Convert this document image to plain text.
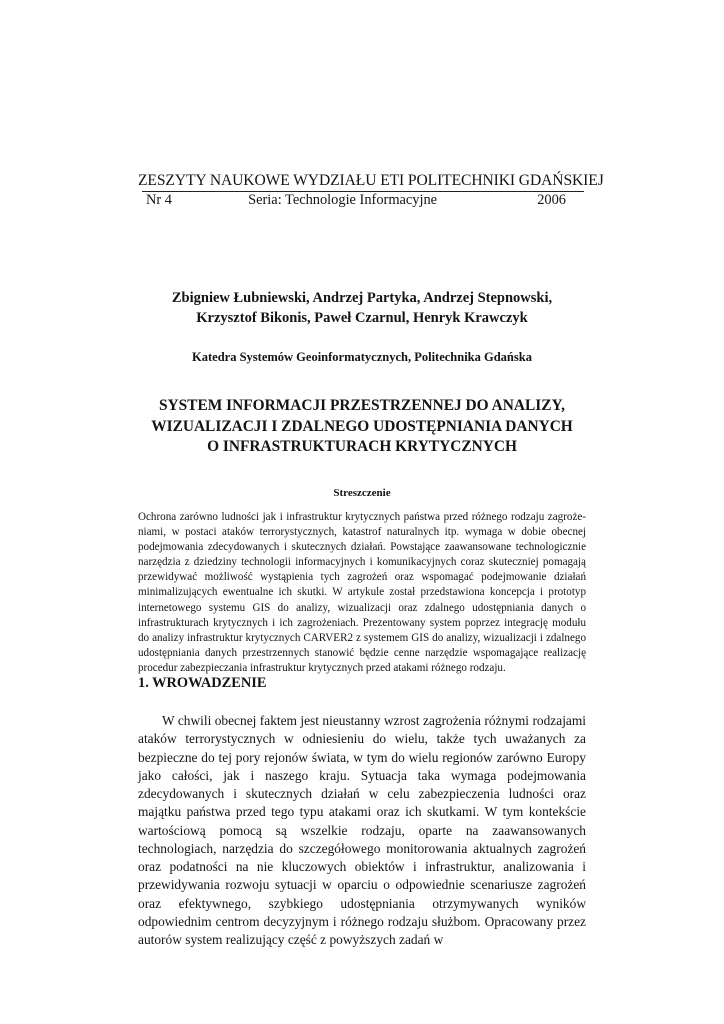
ZESZYTY NAUKOWE WYDZIAŁU ETI POLITECHNIKI GDAŃSKIEJ
Nr 4	Seria: Technologie Informacyjne	2006
Zbigniew Łubniewski, Andrzej Partyka, Andrzej Stepnowski,
Krzysztof Bikonis, Paweł Czarnul, Henryk Krawczyk
Katedra Systemów Geoinformatycznych, Politechnika Gdańska
SYSTEM INFORMACJI PRZESTRZENNEJ DO ANALIZY,
WIZUALIZACJI I ZDALNEGO UDOSTĘPNIANIA DANYCH
O INFRASTRUKTURACH KRYTYCZNYCH
Streszczenie
Ochrona zarówno ludności jak i infrastruktur krytycznych państwa przed różnego rodzaju zagrożeniami, w postaci ataków terrorystycznych, katastrof naturalnych itp. wymaga w dobie obecnej podejmowania zdecydowanych i skutecznych działań. Powstające zaawansowane technologicznie narzędzia z dziedziny technologii informacyjnych i komunikacyjnych coraz skuteczniej pomagają przewidywać możliwość wystąpienia tych zagrożeń oraz wspomagać podejmowanie działań minimalizujących ewentualne ich skutki. W artykule został przedstawiona koncepcja i prototyp internetowego systemu GIS do analizy, wizualizacji oraz zdalnego udostępniania danych o infrastrukturach krytycznych i ich zagrożeniach. Prezentowany system poprzez integrację modułu do analizy infrastruktur krytycznych CARVER2 z systemem GIS do analizy, wizualizacji i zdalnego udostępniania danych przestrzennych stanowić będzie cenne narzędzie wspomagające realizację procedur zabezpieczania infrastruktur krytycznych przed atakami różnego rodzaju.
1. WROWADZENIE
W chwili obecnej faktem jest nieustanny wzrost zagrożenia różnymi rodzajami ataków terrorystycznych w odniesieniu do wielu, także tych uważanych za bezpieczne do tej pory rejonów świata, w tym do wielu regionów zarówno Europy jako całości, jak i naszego kraju. Sytuacja taka wymaga podejmowania zdecydowanych i skutecznych działań w celu zabezpieczenia ludności oraz majątku państwa przed tego typu atakami oraz ich skutkami. W tym kontekście wartościową pomocą są wszelkie rodzaju, oparte na zaawansowanych technologiach, narzędzia do szczegółowego monitorowania aktualnych zagrożeń oraz podatności na nie kluczowych obiektów i infrastruktur, analizowania i przewidywania rozwoju sytuacji w oparciu o odpowiednie scenariusze zagrożeń oraz efektywnego, szybkiego udostępniania otrzymywanych wyników odpowiednim centrom decyzyjnym i różnego rodzaju służbom. Opracowany przez autorów system realizujący część z powyższych zadań w
